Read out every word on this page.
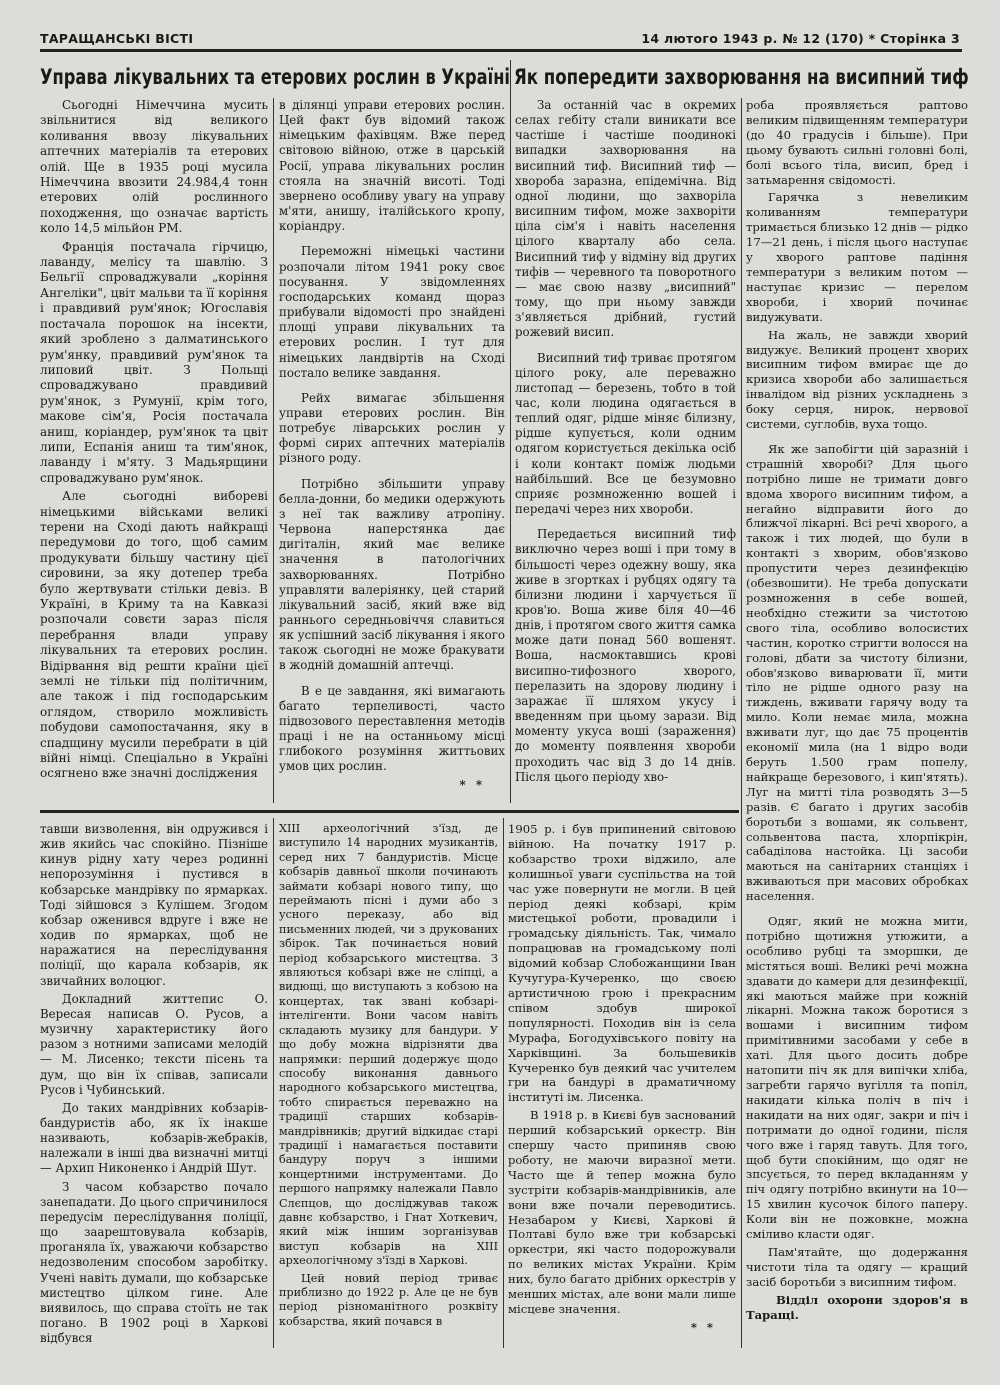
ТАРАЩАНСЬКІ ВІСТІ	14 лютого 1943 р. № 12 (170) * Сторінка 3
Управа лікувальних та етерових рослин в Україні Як попередити захворювання на висипний тиф

Сьогодні Німеччина мусить звільнитися від великого коливання ввозу лікувальних аптечних матеріалів та етерових олій. Ще в 1935 році мусила Німеччина ввозити 24.984,4 тонн етерових олій рослинного походження, що означає вартість коло 14,5 мільйон РМ.

Франція постачала гірчицю, лаванду, мелісу та шавлію. З Бельгії спроваджували „коріння Ангеліки", цвіт мальви та її коріння і правдивий рум'янок; Югославія постачала порошок на інсекти, який зроблено з далматинського рум'янку, правдивий рум'янок та липовий цвіт. З Польщі спроваджувано правдивий рум'янок, з Румунії, крім того, макове сім'я, Росія постачала аниш, коріандер, рум'янок та цвіт липи, Еспанія аниш та тим'янок, лаванду і м'яту. З Мадьярщини спроваджувано рум'янок.

Але сьогодні вибореві німецькими військами великі терени на Сході дають найкращі передумови до того, щоб самим продукувати більшу частину цієї сировини, за яку дотепер треба було жертвувати стільки девіз. В Україні, в Криму та на Кавказі розпочали совєти зараз після перебрання влади управу лікувальних та етерових рослин. Відірвання від решти країни цієї землі не тільки під політичним, але також і під господарським оглядом, створило можливість побудови самопостачання, яку в спадщину мусили перебрати в цій війні німці. Спеціально в Україні осягнено вже значні досліджения

в ділянці управи етерових рослин. Цей факт був відомий також німецьким фахівцям. Вже перед світовою війною, отже в царській Росії, управа лікувальних рослин стояла на значній висоті. Тоді звернено особливу увагу на управу м'яти, анишу, італійського кропу, коріандру.

Переможні німецькі частини розпочали літом 1941 року своє посування. У звідомленнях господарських команд щораз прибували відомості про знайдені площі управи лікувальних та етерових рослин. І тут для німецьких ландвіртів на Сході постало велике завдання.

Рейх вимагає збільшення управи етерових рослин. Він потребує ліварських рослин у формі сирих аптечних матеріалів різного роду.

Потрібно збільшити управу белла-донни, бо медики одержують з неї так важливу атропіну. Червона наперстянка дає дигіталін, який має велике значення в патологічних захворюваннях. Потрібно управляти валеріянку, цей старий лікувальний засіб, який вже від раннього середньовіччя славиться як успішний засіб лікування і якого також сьогодні не може бракувати в жодній домашній аптечці.

В е це завдання, які вимагають багато терпеливості, часто підвозового переставлення методів праці і не на останньому місці глибокого розуміння життьових умов цих рослин.

* *

За останній час в окремих селах гебіту стали виникати все частіше і частіше поодинокі випадки захворювання на висипний тиф. Висипний тиф — хвороба заразна, епідемічна. Від одної людини, що захворіла висипним тифом, може захворіти ціла сім'я і навіть населення цілого кварталу або села. Висипний тиф у відміну від других тифів — черевного та поворотного — має свою назву „висипний" тому, що при ньому завжди з'являється дрібний, густий рожевий висип.

Висипний тиф триває протягом цілого року, але переважно листопад — березень, тобто в той час, коли людина одягається в теплий одяг, рідше міняє білизну, рідше купується, коли одним одягом користується декілька осіб і коли контакт поміж людьми найбільший. Все це безумовно сприяє розмноженню вошей і передачі через них хвороби.

Передається висипний тиф виключно через воші і при тому в більшості через одежну вошу, яка живе в згортках і рубцях одягу та білизни людини і харчується її кров'ю. Воша живе біля 40—46 днів, і протягом свого життя самка може дати понад 560 вошенят. Воша, насмоктавшись крові висипно-тифозного хворого, перелазить на здорову людину і заражає її шляхом укусу і введенням при цьому зарази. Від моменту укуса воші (зараження) до моменту появлення хвороби проходить час від 3 до 14 днів. Після цього періоду хво-

роба проявляється раптово великим підвищенням температури (до 40 градусів і більше). При цьому бувають сильні головні болі, болі всього тіла, висип, бред і затьмарення свідомості.

Гарячка з невеликим коливанням температури тримається близько 12 днів — рідко 17—21 день, і після цього наступає у хворого раптове падіння температури з великим потом — наступає кризис — перелом хвороби, і хворий починає видужувати.

На жаль, не завжди хворий видужує. Великий процент хворих висипним тифом вмирає ще до кризиса хвороби або залишається інвалідом від різних ускладнень з боку серця, нирок, нервової системи, суглобів, вуха тощо.

Як же запобігти цій заразній і страшній хворобі? Для цього потрібно лише не тримати довго вдома хворого висипним тифом, а негайно відправити його до ближчої лікарні. Всі речі хворого, а також і тих людей, що були в контакті з хворим, обов'язково пропустити через дезинфекцію (обезвошити). Не треба допускати розмноження в себе вошей, необхідно стежити за чистотою свого тіла, особливо волосистих частин, коротко стригти волосся на голові, дбати за чистоту білизни, обов'язково виварювати її, мити тіло не рідше одного разу на тиждень, вживати гарячу воду та мило. Коли немає мила, можна вживати луг, що дає 75 процентів економії мила (на 1 відро води беруть 1.500 грам попелу, найкраще березового, і кип'ятять). Луг на митті тіла розводять 3—5 разів. Є багато і других засобів боротьби з вошами, як сольвент, сольвентова паста, хлорпікрін, сабаділова настойка. Ці засоби маються на санітарних станціях і вживаються при масових обробках населення.

Одяг, який не можна мити, потрібно щотижня утюжити, а особливо рубці та зморшки, де містяться воші. Великі речі можна здавати до камери для дезинфекції, які маються майже при кожній лікарні. Можна також боротися з вошами і висипним тифом примітивними засобами у себе в хаті. Для цього досить добре натопити піч як для випічки хліба, загребти гарячо вугілля та попіл, накидати кілька поліч в піч і накидати на них одяг, закри и піч і потримати до одної години, після чого вже і гаряд тавуть. Для того, щоб бути спокійним, що одяг не зпсується, то перед вкладанням у піч одягу потрібно вкинути на 10—15 хвилин кусочок білого паперу. Коли він не пожовкне, можна сміливо класти одяг.

Пам'ятайте, що додержання чистоти тіла та одягу — кращий засіб боротьби з висипним тифом.

Відділ охорони здоров'я в Таращі.

тавши визволення, він одружився і жив якийсь час спокійно. Пізніше кинув рідну хату через родинні непорозуміння і пустився в кобзарське мандрівку по ярмарках. Тоді зійшовся з Кулішем. Згодом кобзар оженився вдруге і вже не ходив по ярмарках, щоб не наражатися на переслідування поліції, що карала кобзарів, як звичайних волоцюг.

Докладний життепис О. Вересая написав О. Русов, а музичну характеристику його разом з нотними записами мелодій — М. Лисенко; тексти пісень та дум, що він їх співав, записали Русов і Чубинський.

До таких мандрівних кобзарів-бандуристів або, як їх інакше називають, кобзарів-жебраків, належали в інші два визначні митці — Архип Никоненко і Андрій Шут.

З часом кобзарство почало занепадати. До цього спричинилося передусім переслідування поліції, що заарештовувала кобзарів, проганяла їх, уважаючи кобзарство недозволеним способом заробітку. Учені навіть думали, що кобзарське мистецтво цілком гине. Але виявилось, що справа стоїть не так погано. В 1902 році в Харкові відбувся

XIII археологічний з'їзд, де виступило 14 народних музикантів, серед них 7 бандуристів. Місце кобзарів давньої школи починають займати кобзарі нового типу, що переймають пісні і думи або з усного переказу, або від письменних людей, чи з друкованих збірок. Так починається новий період кобзарського мистецтва. З являються кобзарі вже не сліпці, а видющі, що виступають з кобзою на концертах, так звані кобзарі-інтелігенти. Вони часом навіть складають музику для бандури. У що добу можна відрізняти два напрямки: перший додержує щодо способу виконання давнього народного кобзарського мистецтва, тобто спирається переважно на традиції старших кобзарів-мандрівників; другий відкидає старі традиції і намагається поставити бандуру поруч з іншими концертними інструментами. До першого напрямку належали Павло Слєпцов, що досліджував також давнє кобзарство, і Гнат Хоткевич, який між іншим зорганізував виступ кобзарів на XIII археологічному з'їзді в Харкові.

Цей новий період триває приблизно до 1922 р. Але це не був період різноманітного розквіту кобзарства, який почався в

1905 р. і був припинений світовою війною. На початку 1917 р. кобзарство трохи віджило, але колишньої уваги суспільства на той час уже повернути не могли. В цей період деякі кобзарі, крім мистецької роботи, провадили і громадську діяльність. Так, чимало попрацював на громадському полі відомий кобзар Слобожанщини Іван Кучугура-Кучеренко, що своєю артистичною грою і прекрасним співом здобув широкої популярності. Походив він із села Мурафа, Богодухівського повіту на Харківщині. За большевиків Кучеренко був деякий час учителем гри на бандурі в драматичному інституті ім. Лисенка.

В 1918 р. в Києві був заснований перший кобзарський оркестр. Він спершу часто припиняв свою роботу, не маючи виразної мети. Часто ще й тепер можна було зустріти кобзарів-мандрівників, але вони вже почали переводитись. Незабаром у Києві, Харкові й Полтаві було вже три кобзарські оркестри, які часто подорожували по великих містах України. Крім них, було багато дрібних оркестрів у менших містах, але вони мали лише місцеве значення.

* *
